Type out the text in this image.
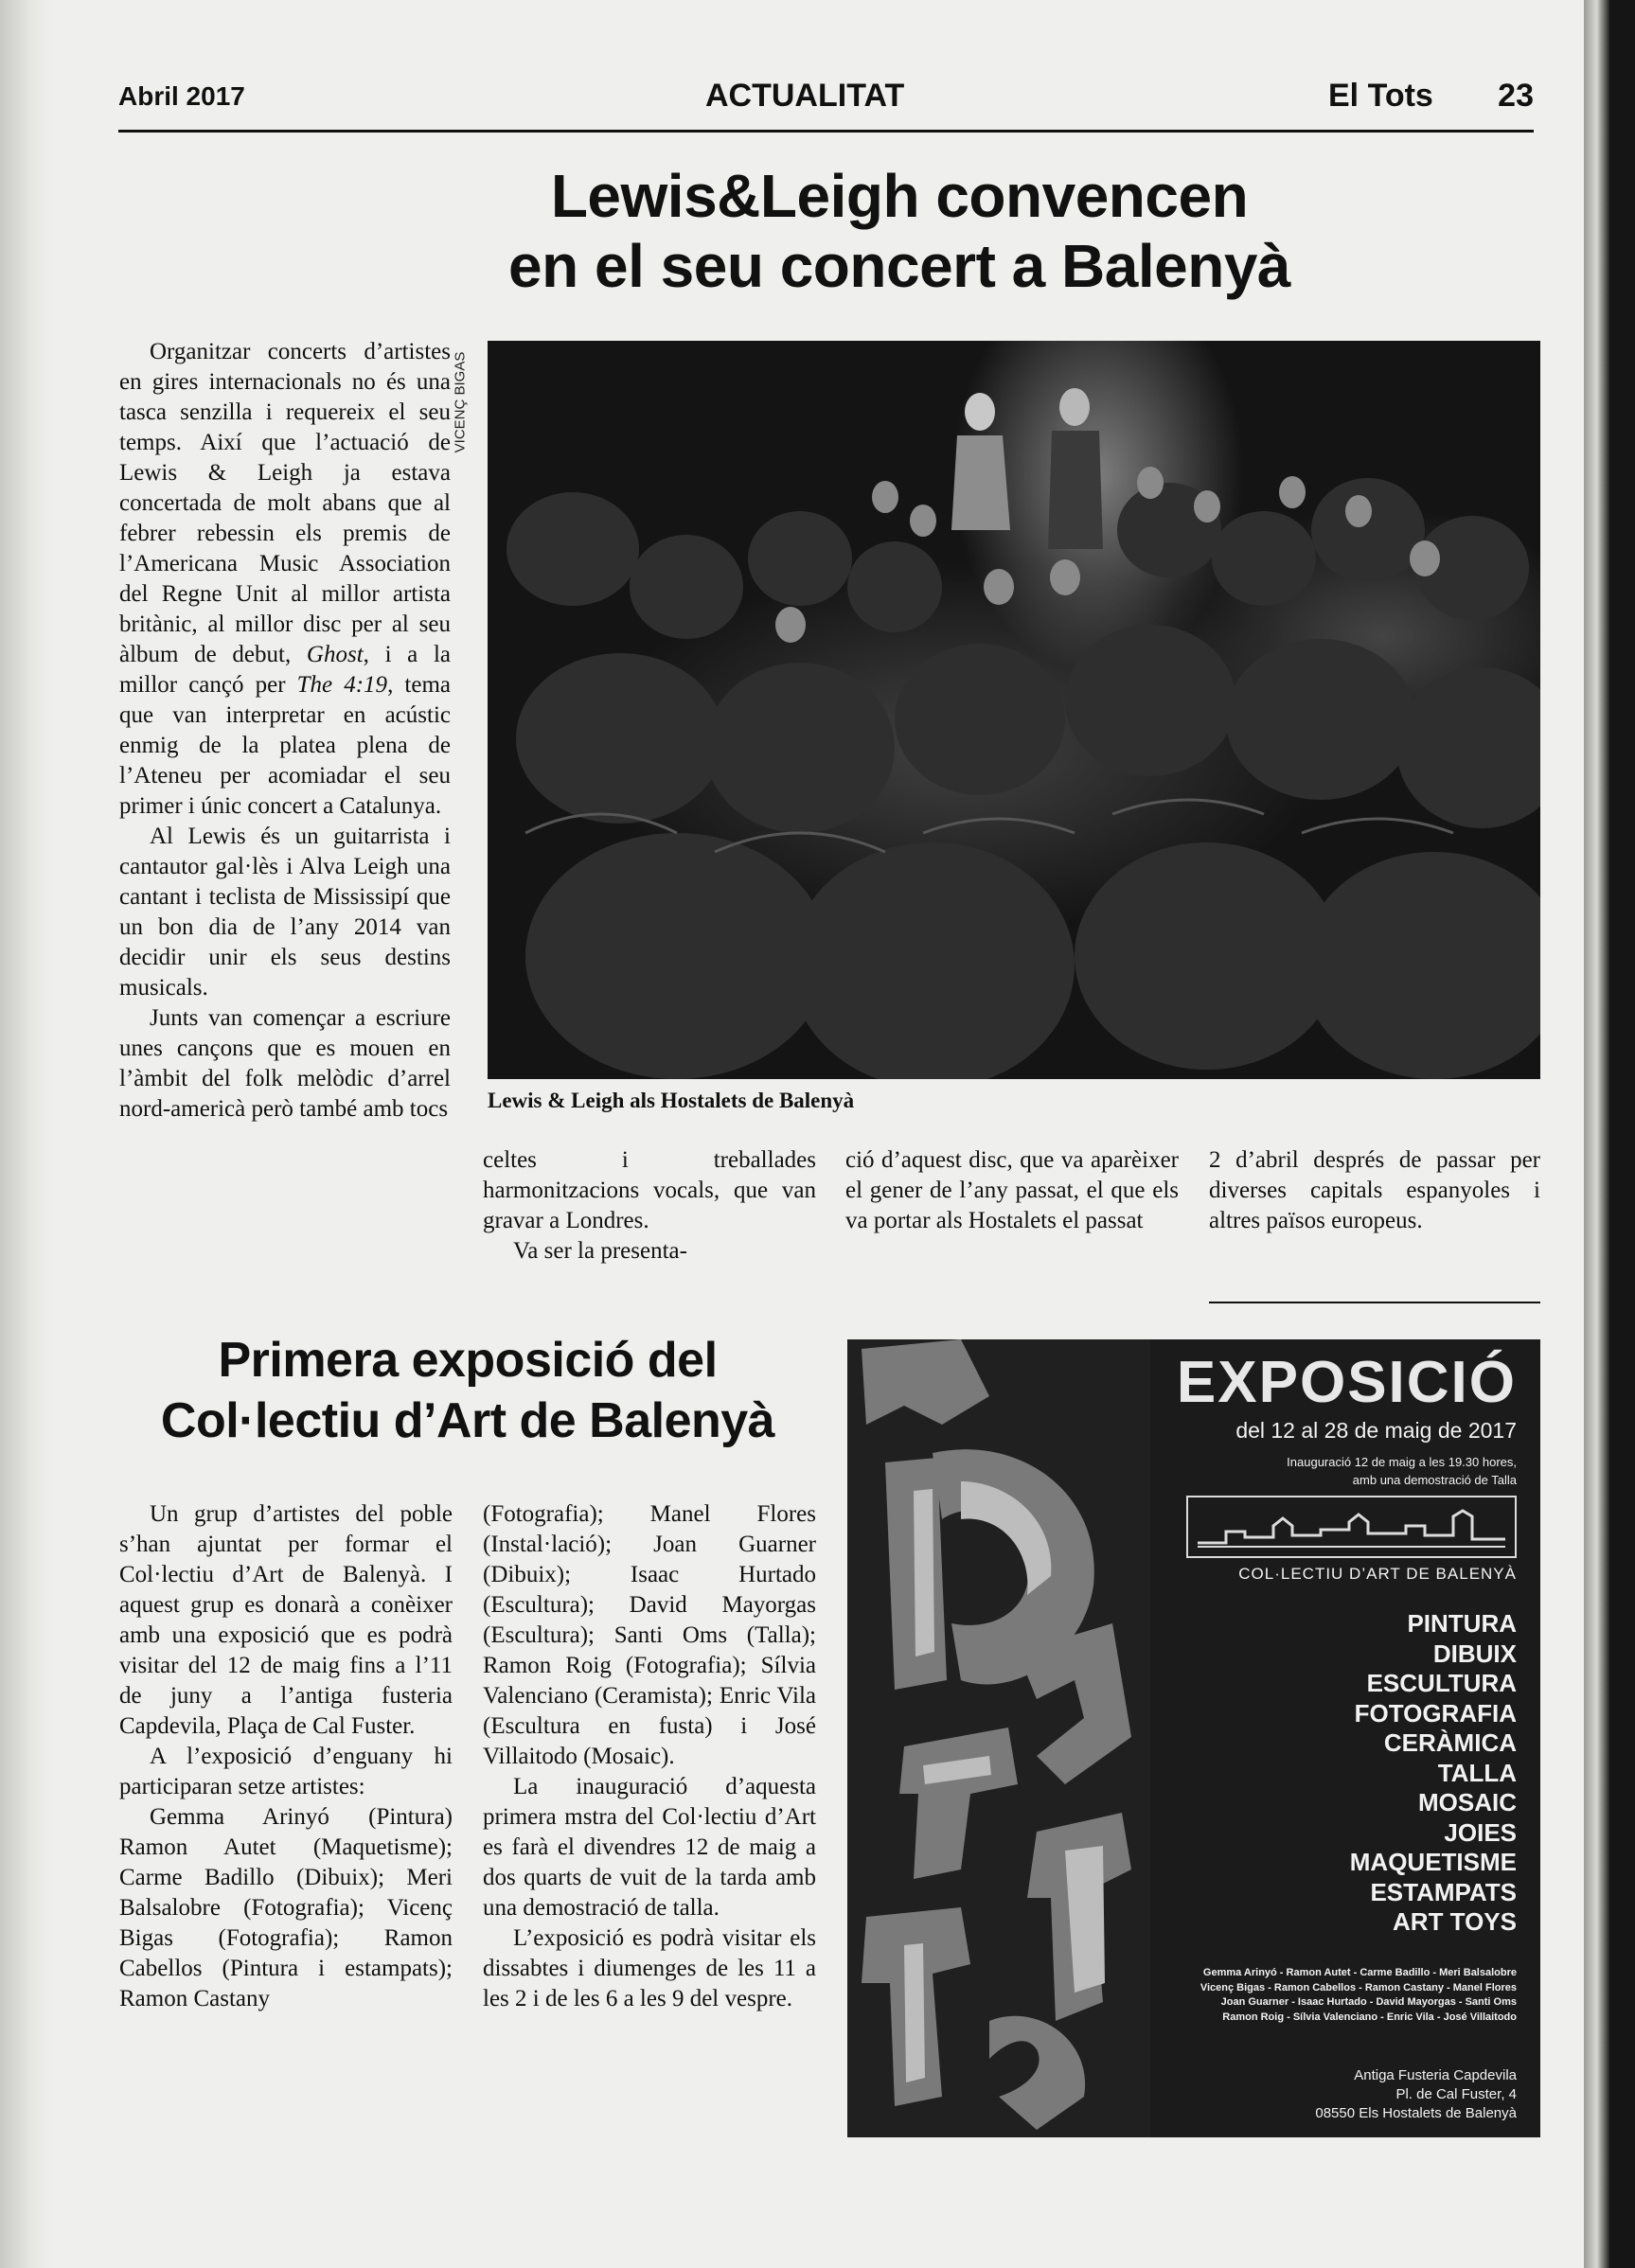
Abril 2017	ACTUALITAT	El Tots 23
Lewis&Leigh convencen
en el seu concert a Balenyà

Organitzar concerts d’artistes en gires internacionals no és una tasca senzilla i requereix el seu temps. Així que l’actuació de Lewis & Leigh ja estava concertada de molt abans que al febrer rebessin els premis de l’Americana Music Association del Regne Unit al millor artista britànic, al millor disc per al seu àlbum de debut, Ghost, i a la millor cançó per The 4:19, tema que van interpretar en acústic enmig de la platea plena de l’Ateneu per acomiadar el seu primer i únic concert a Catalunya.

Al Lewis és un guitarrista i cantautor gal·lès i Alva Leigh una cantant i teclista de Mississipí que un bon dia de l’any 2014 van decidir unir els seus destins musicals.

Junts van començar a escriure unes cançons que es mouen en l’àmbit del folk melòdic d’arrel nord-americà però també amb tocs

VICENÇ BIGAS
Lewis & Leigh als Hostalets de Balenyà

celtes i treballades harmonitzacions vocals, que van gravar a Londres.

Va ser la presenta-

ció d’aquest disc, que va aparèixer el gener de l’any passat, el que els va portar als Hostalets el passat

2 d’abril després de passar per diverses capitals espanyoles i altres països europeus.

Primera exposició del
Col·lectiu d’Art de Balenyà

Un grup d’artistes del poble s’han ajuntat per formar el Col·lectiu d’Art de Balenyà. I aquest grup es donarà a conèixer amb una exposició que es podrà visitar del 12 de maig fins a l’11 de juny a l’antiga fusteria Capdevila, Plaça de Cal Fuster.

A l’exposició d’enguany hi participaran setze artistes:

Gemma Arinyó (Pintura) Ramon Autet (Maquetisme); Carme Badillo (Dibuix); Meri Balsalobre (Fotografia); Vicenç Bigas (Fotografia); Ramon Cabellos (Pintura i estampats); Ramon Castany

(Fotografia); Manel Flores (Instal·lació); Joan Guarner (Dibuix); Isaac Hurtado (Escultura); David Mayorgas (Escultura); Santi Oms (Talla); Ramon Roig (Fotografia); Sílvia Valenciano (Ceramista); Enric Vila (Escultura en fusta) i José Villaitodo (Mosaic).

La inauguració d’aquesta primera mstra del Col·lectiu d’Art es farà el divendres 12 de maig a dos quarts de vuit de la tarda amb una demostració de talla.

L’exposició es podrà visitar els dissabtes i diumenges de les 11 a les 2 i de les 6 a les 9 del vespre.

EXPOSICIÓ
del 12 al 28 de maig de 2017
Inauguració 12 de maig a les 19.30 hores,
amb una demostració de Talla
COL·LECTIU D’ART DE BALENYÀ
PINTURA
DIBUIX
ESCULTURA
FOTOGRAFIA
CERÀMICA
TALLA
MOSAIC
JOIES
MAQUETISME
ESTAMPATS
ART TOYS
Gemma Arinyó - Ramon Autet - Carme Badillo - Meri Balsalobre
Vicenç Bigas - Ramon Cabellos - Ramon Castany - Manel Flores
Joan Guarner - Isaac Hurtado - David Mayorgas - Santi Oms
Ramon Roig - Sílvia Valenciano - Enric Vila - José Villaitodo
Antiga Fusteria Capdevila
Pl. de Cal Fuster, 4
08550 Els Hostalets de Balenyà
